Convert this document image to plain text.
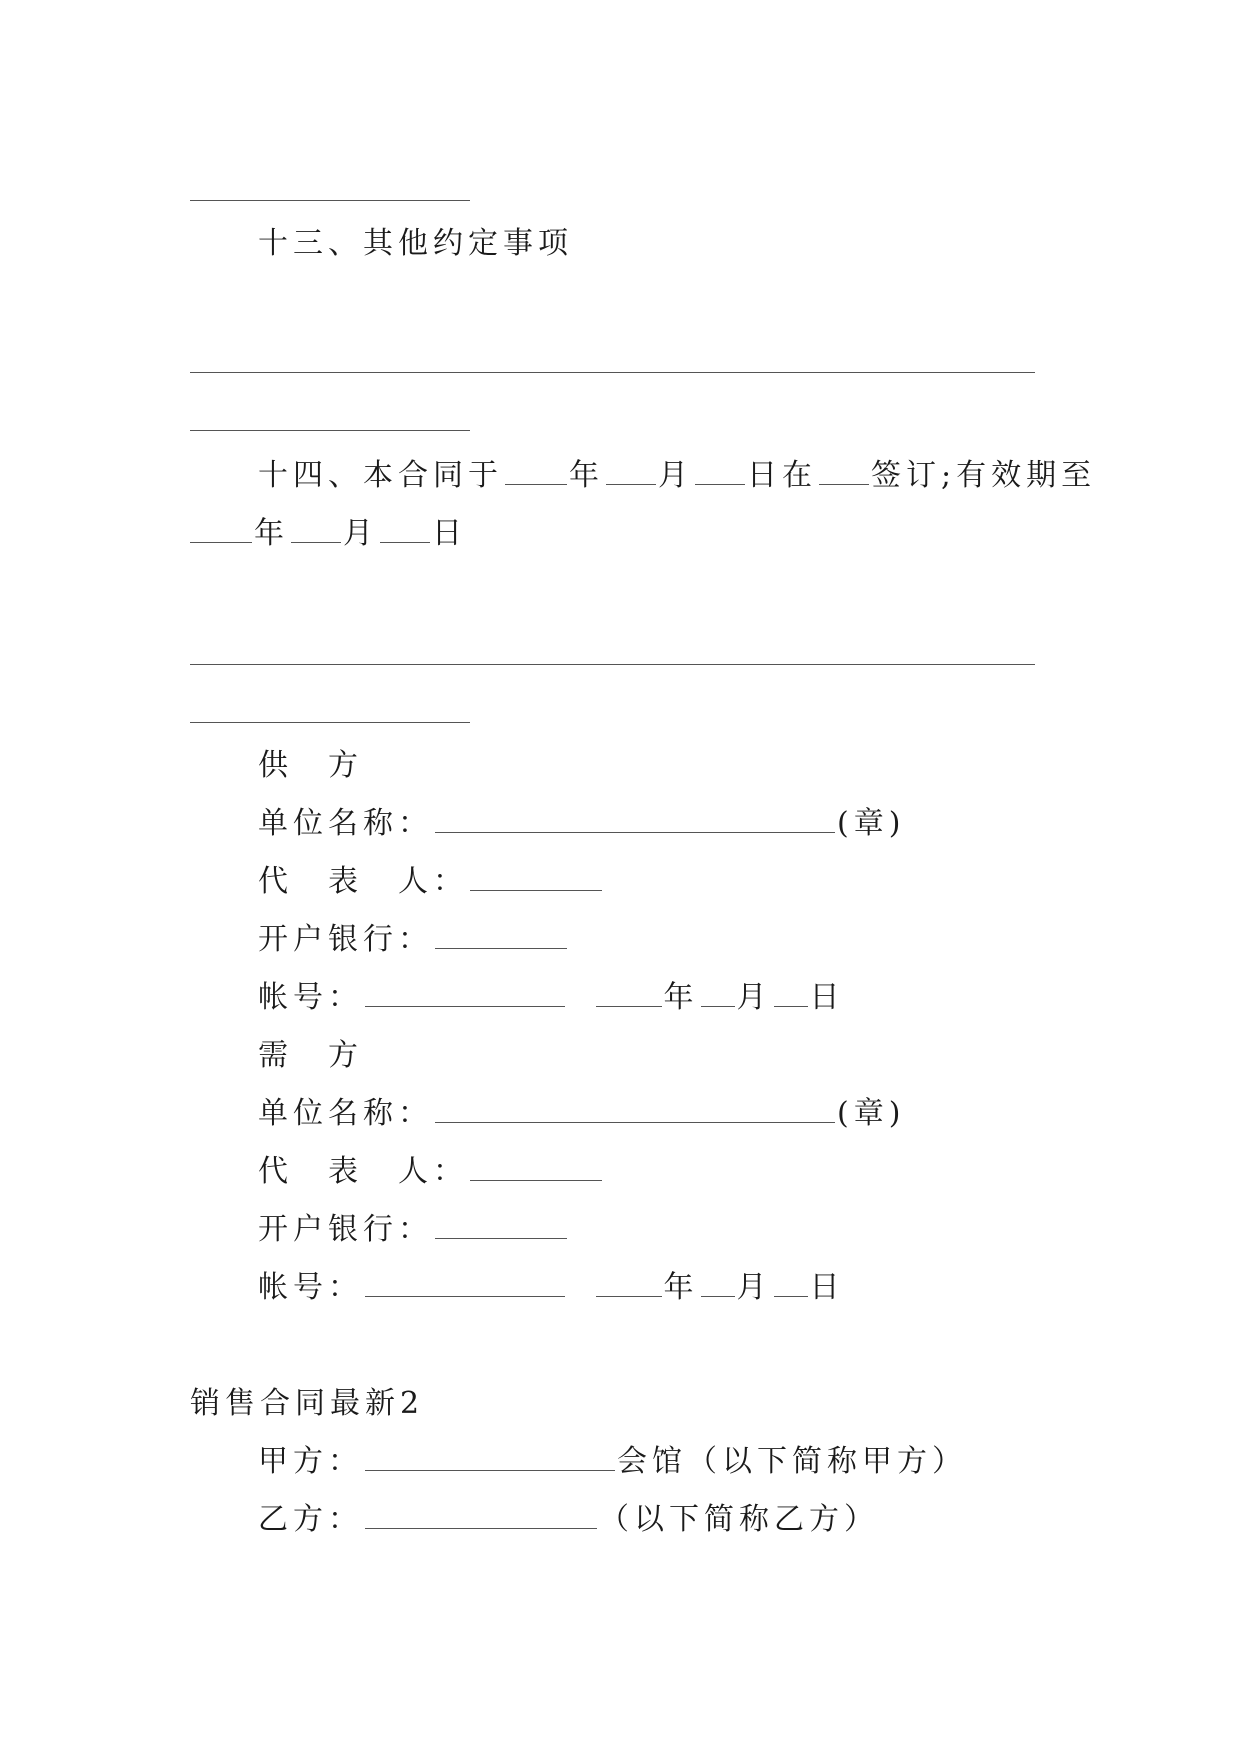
十三、其他约定事项
十四、本合同于 年 月 日在 签订;有效期至
年 月 日
供　方
单位名称：	(章)
代　表　人：
开户银行：
帐号：	年 月 日
需　方
单位名称：	(章)
代　表　人：
开户银行：
帐号：	年 月 日
销售合同最新2
甲方：	会馆（以下简称甲方）
乙方：	（以下简称乙方）
